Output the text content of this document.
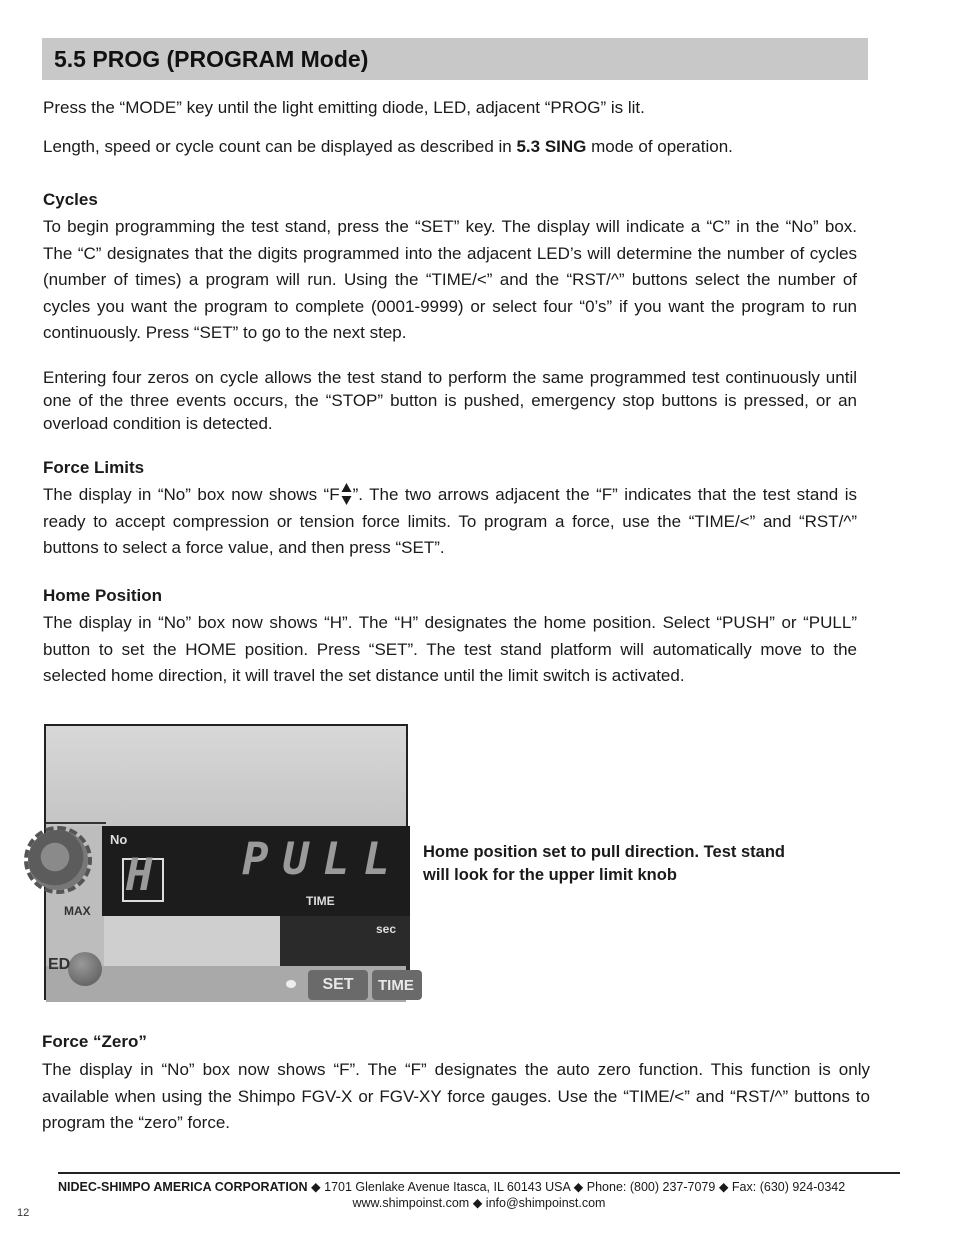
5.5 PROG (PROGRAM Mode)

Press the “MODE” key until the light emitting diode, LED, adjacent “PROG” is lit.

Length, speed or cycle count can be displayed as described in 5.3 SING mode of operation.

Cycles

To begin programming the test stand, press the “SET” key. The display will indicate a “C” in the “No” box. The “C” designates that the digits programmed into the adjacent LED’s will determine the number of cycles (number of times) a program will run. Using the “TIME/<” and the “RST/^” buttons select the number of cycles you want the program to complete (0001-9999) or select four “0’s” if you want the program to run continuously. Press “SET” to go to the next step.

Entering four zeros on cycle allows the test stand to perform the same programmed test continuously until one of the three events occurs, the “STOP” button is pushed, emergency stop buttons is pressed, or an overload condition is detected.

Force Limits

The display in “No” box now shows “F ”. The two arrows adjacent the “F” indicates that the test stand is ready to accept compression or tension force limits. To program a force, use the “TIME/<” and “RST/^” buttons to select a force value, and then press “SET”.

Home Position

The display in “No” box now shows “H”. The “H” designates the home position. Select “PUSH” or “PULL” button to set the HOME position. Press “SET”. The test stand platform will automatically move to the selected home direction, it will travel the set distance until the limit switch is activated.

No
H PULL
MAX
TIME
sec
ED
SET	TIME

Home position set to pull direction. Test stand will look for the upper limit knob

Force “Zero”

The display in “No” box now shows “F”. The “F” designates the auto zero function. This function is only available when using the Shimpo FGV-X or FGV-XY force gauges. Use the “TIME/<” and “RST/^” buttons to program the “zero” force.

NIDEC-SHIMPO AMERICA CORPORATION ◆ 1701 Glenlake Avenue Itasca, IL 60143 USA ◆ Phone: (800) 237-7079 ◆ Fax: (630) 924-0342
www.shimpoinst.com ◆ info@shimpoinst.com
12
